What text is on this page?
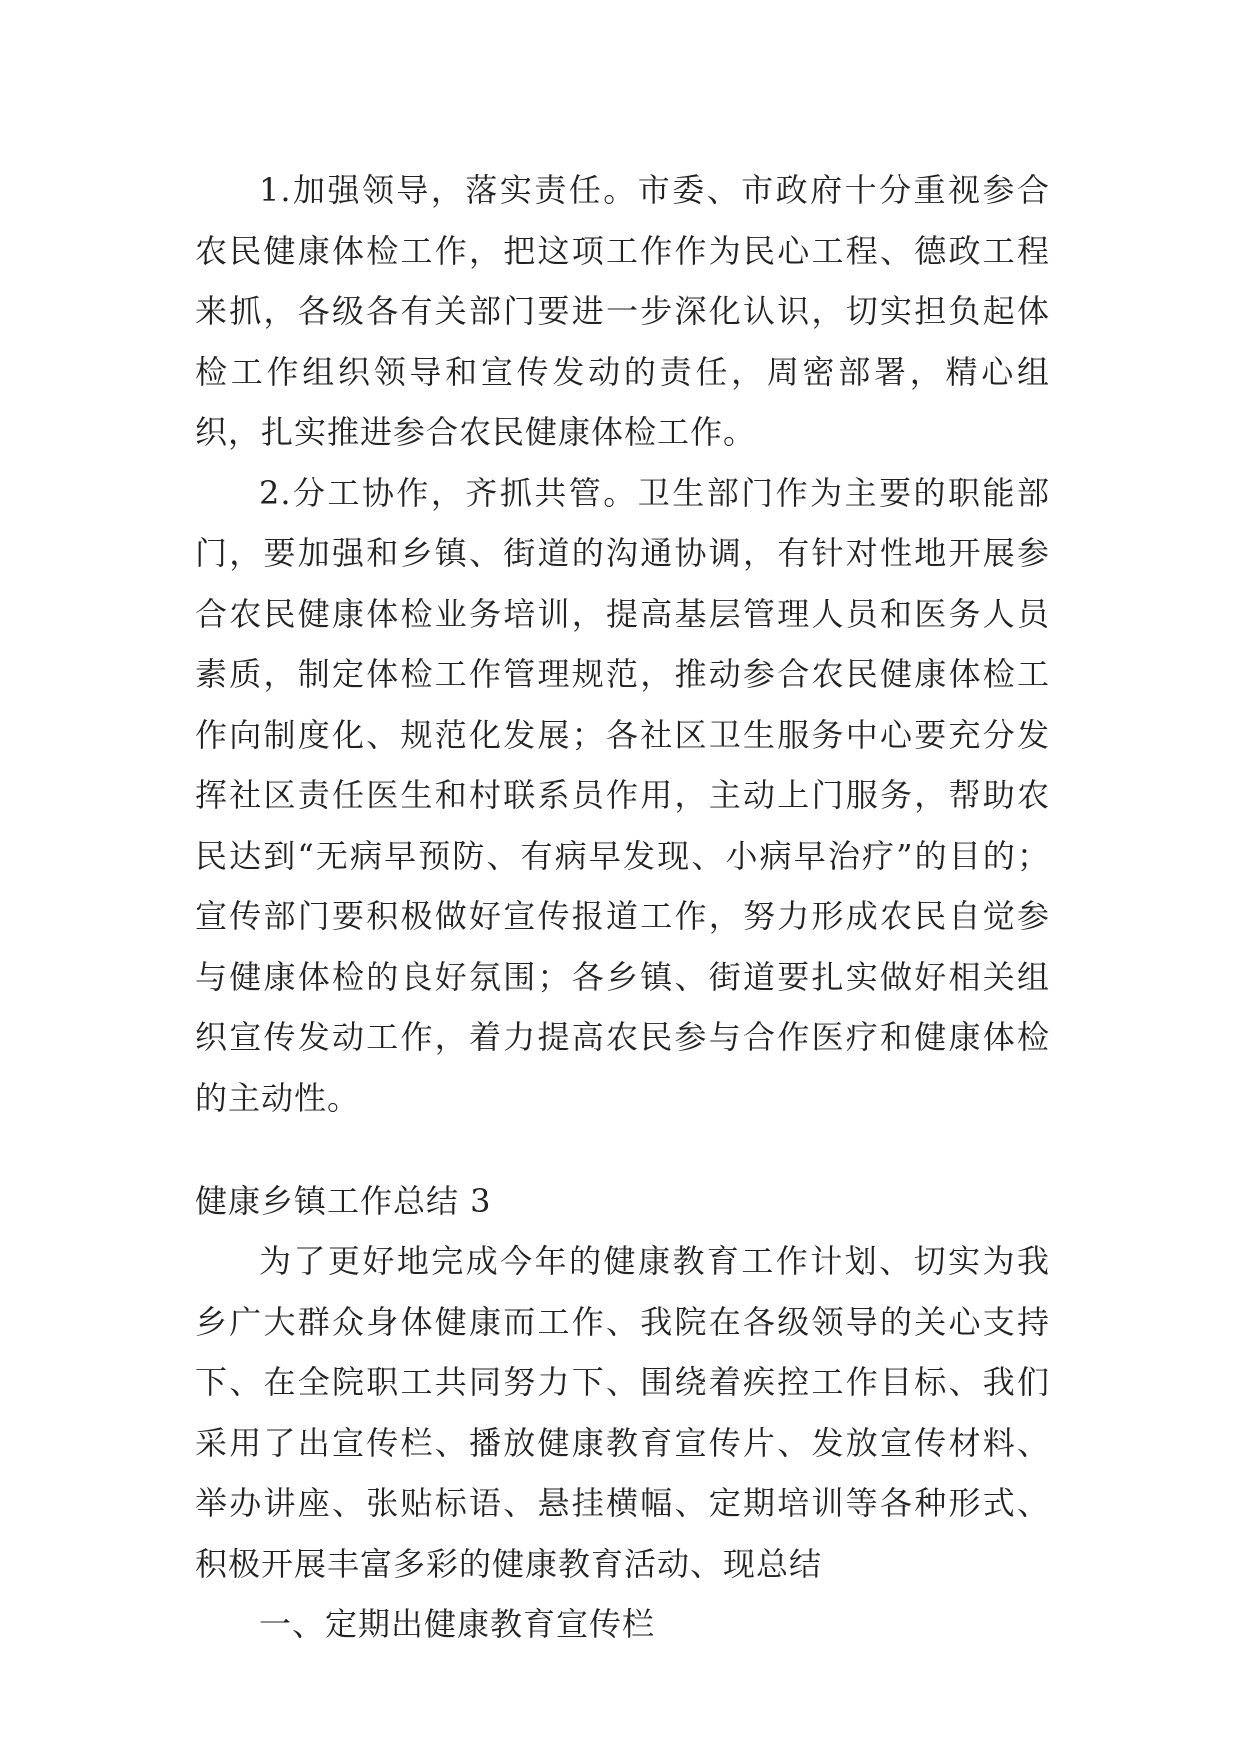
1.加强领导，落实责任。市委、市政府十分重视参合农民健康体检工作，把这项工作作为民心工程、德政工程来抓，各级各有关部门要进一步深化认识，切实担负起体检工作组织领导和宣传发动的责任，周密部署，精心组织，扎实推进参合农民健康体检工作。

2.分工协作，齐抓共管。卫生部门作为主要的职能部门，要加强和乡镇、街道的沟通协调，有针对性地开展参合农民健康体检业务培训，提高基层管理人员和医务人员素质，制定体检工作管理规范，推动参合农民健康体检工作向制度化、规范化发展；各社区卫生服务中心要充分发挥社区责任医生和村联系员作用，主动上门服务，帮助农民达到“无病早预防、有病早发现、小病早治疗”的目的；宣传部门要积极做好宣传报道工作，努力形成农民自觉参与健康体检的良好氛围；各乡镇、街道要扎实做好相关组织宣传发动工作，着力提高农民参与合作医疗和健康体检的主动性。

健康乡镇工作总结 3

为了更好地完成今年的健康教育工作计划、切实为我乡广大群众身体健康而工作、我院在各级领导的关心支持下、在全院职工共同努力下、围绕着疾控工作目标、我们采用了出宣传栏、播放健康教育宣传片、发放宣传材料、举办讲座、张贴标语、悬挂横幅、定期培训等各种形式、积极开展丰富多彩的健康教育活动、现总结

一、定期出健康教育宣传栏
